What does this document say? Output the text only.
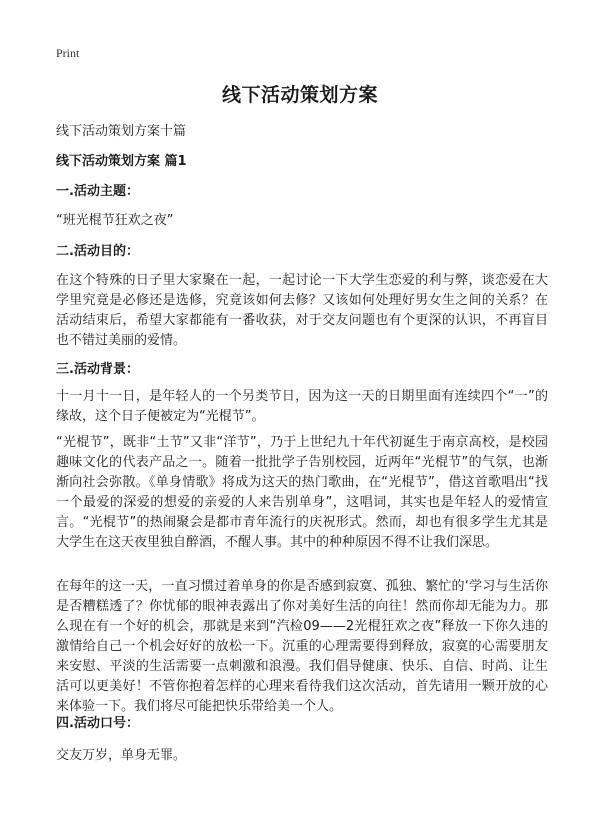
Print
线下活动策划方案
线下活动策划方案十篇
线下活动策划方案 篇1
一.活动主题：
“班光棍节狂欢之夜”
二.活动目的：
在这个特殊的日子里大家聚在一起，一起讨论一下大学生恋爱的利与弊，谈恋爱在大学里究竟是必修还是选修，究竟该如何去修？又该如何处理好男女生之间的关系？在活动结束后，希望大家都能有一番收获，对于交友问题也有个更深的认识，不再盲目也不错过美丽的爱情。
三.活动背景：
十一月十一日，是年轻人的一个另类节日，因为这一天的日期里面有连续四个“一”的缘故，这个日子便被定为“光棍节”。
“光棍节”，既非“土节”又非“洋节”，乃于上世纪九十年代初诞生于南京高校，是校园趣味文化的代表产品之一。随着一批批学子告别校园，近两年“光棍节”的气氛，也渐渐向社会弥散。《单身情歌》将成为这天的热门歌曲，在“光棍节”，借这首歌唱出“找一个最爱的深爱的想爱的亲爱的人来告别单身”，这唱词，其实也是年轻人的爱情宣言。“光棍节”的热闹聚会是都市青年流行的庆祝形式。然而，却也有很多学生尤其是大学生在这天夜里独自醉酒，不醒人事。其中的种种原因不得不让我们深思。
在每年的这一天，一直习惯过着单身的你是否感到寂寞、孤独、繁忙的‘学习与生活你是否糟糕透了？你忧郁的眼神表露出了你对美好生活的向往！然而你却无能为力。那么现在有一个好的机会，那就是来到“汽检09——2光棍狂欢之夜”释放一下你久违的激情给自己一个机会好好的放松一下。沉重的心理需要得到释放，寂寞的心需要朋友来安慰、平淡的生活需要一点刺激和浪漫。我们倡导健康、快乐、自信、时尚、让生活可以更美好！不管你抱着怎样的心理来看待我们这次活动，首先请用一颗开放的心来体验一下。我们将尽可能把快乐带给美一个人。
四.活动口号：
交友万岁，单身无罪。
